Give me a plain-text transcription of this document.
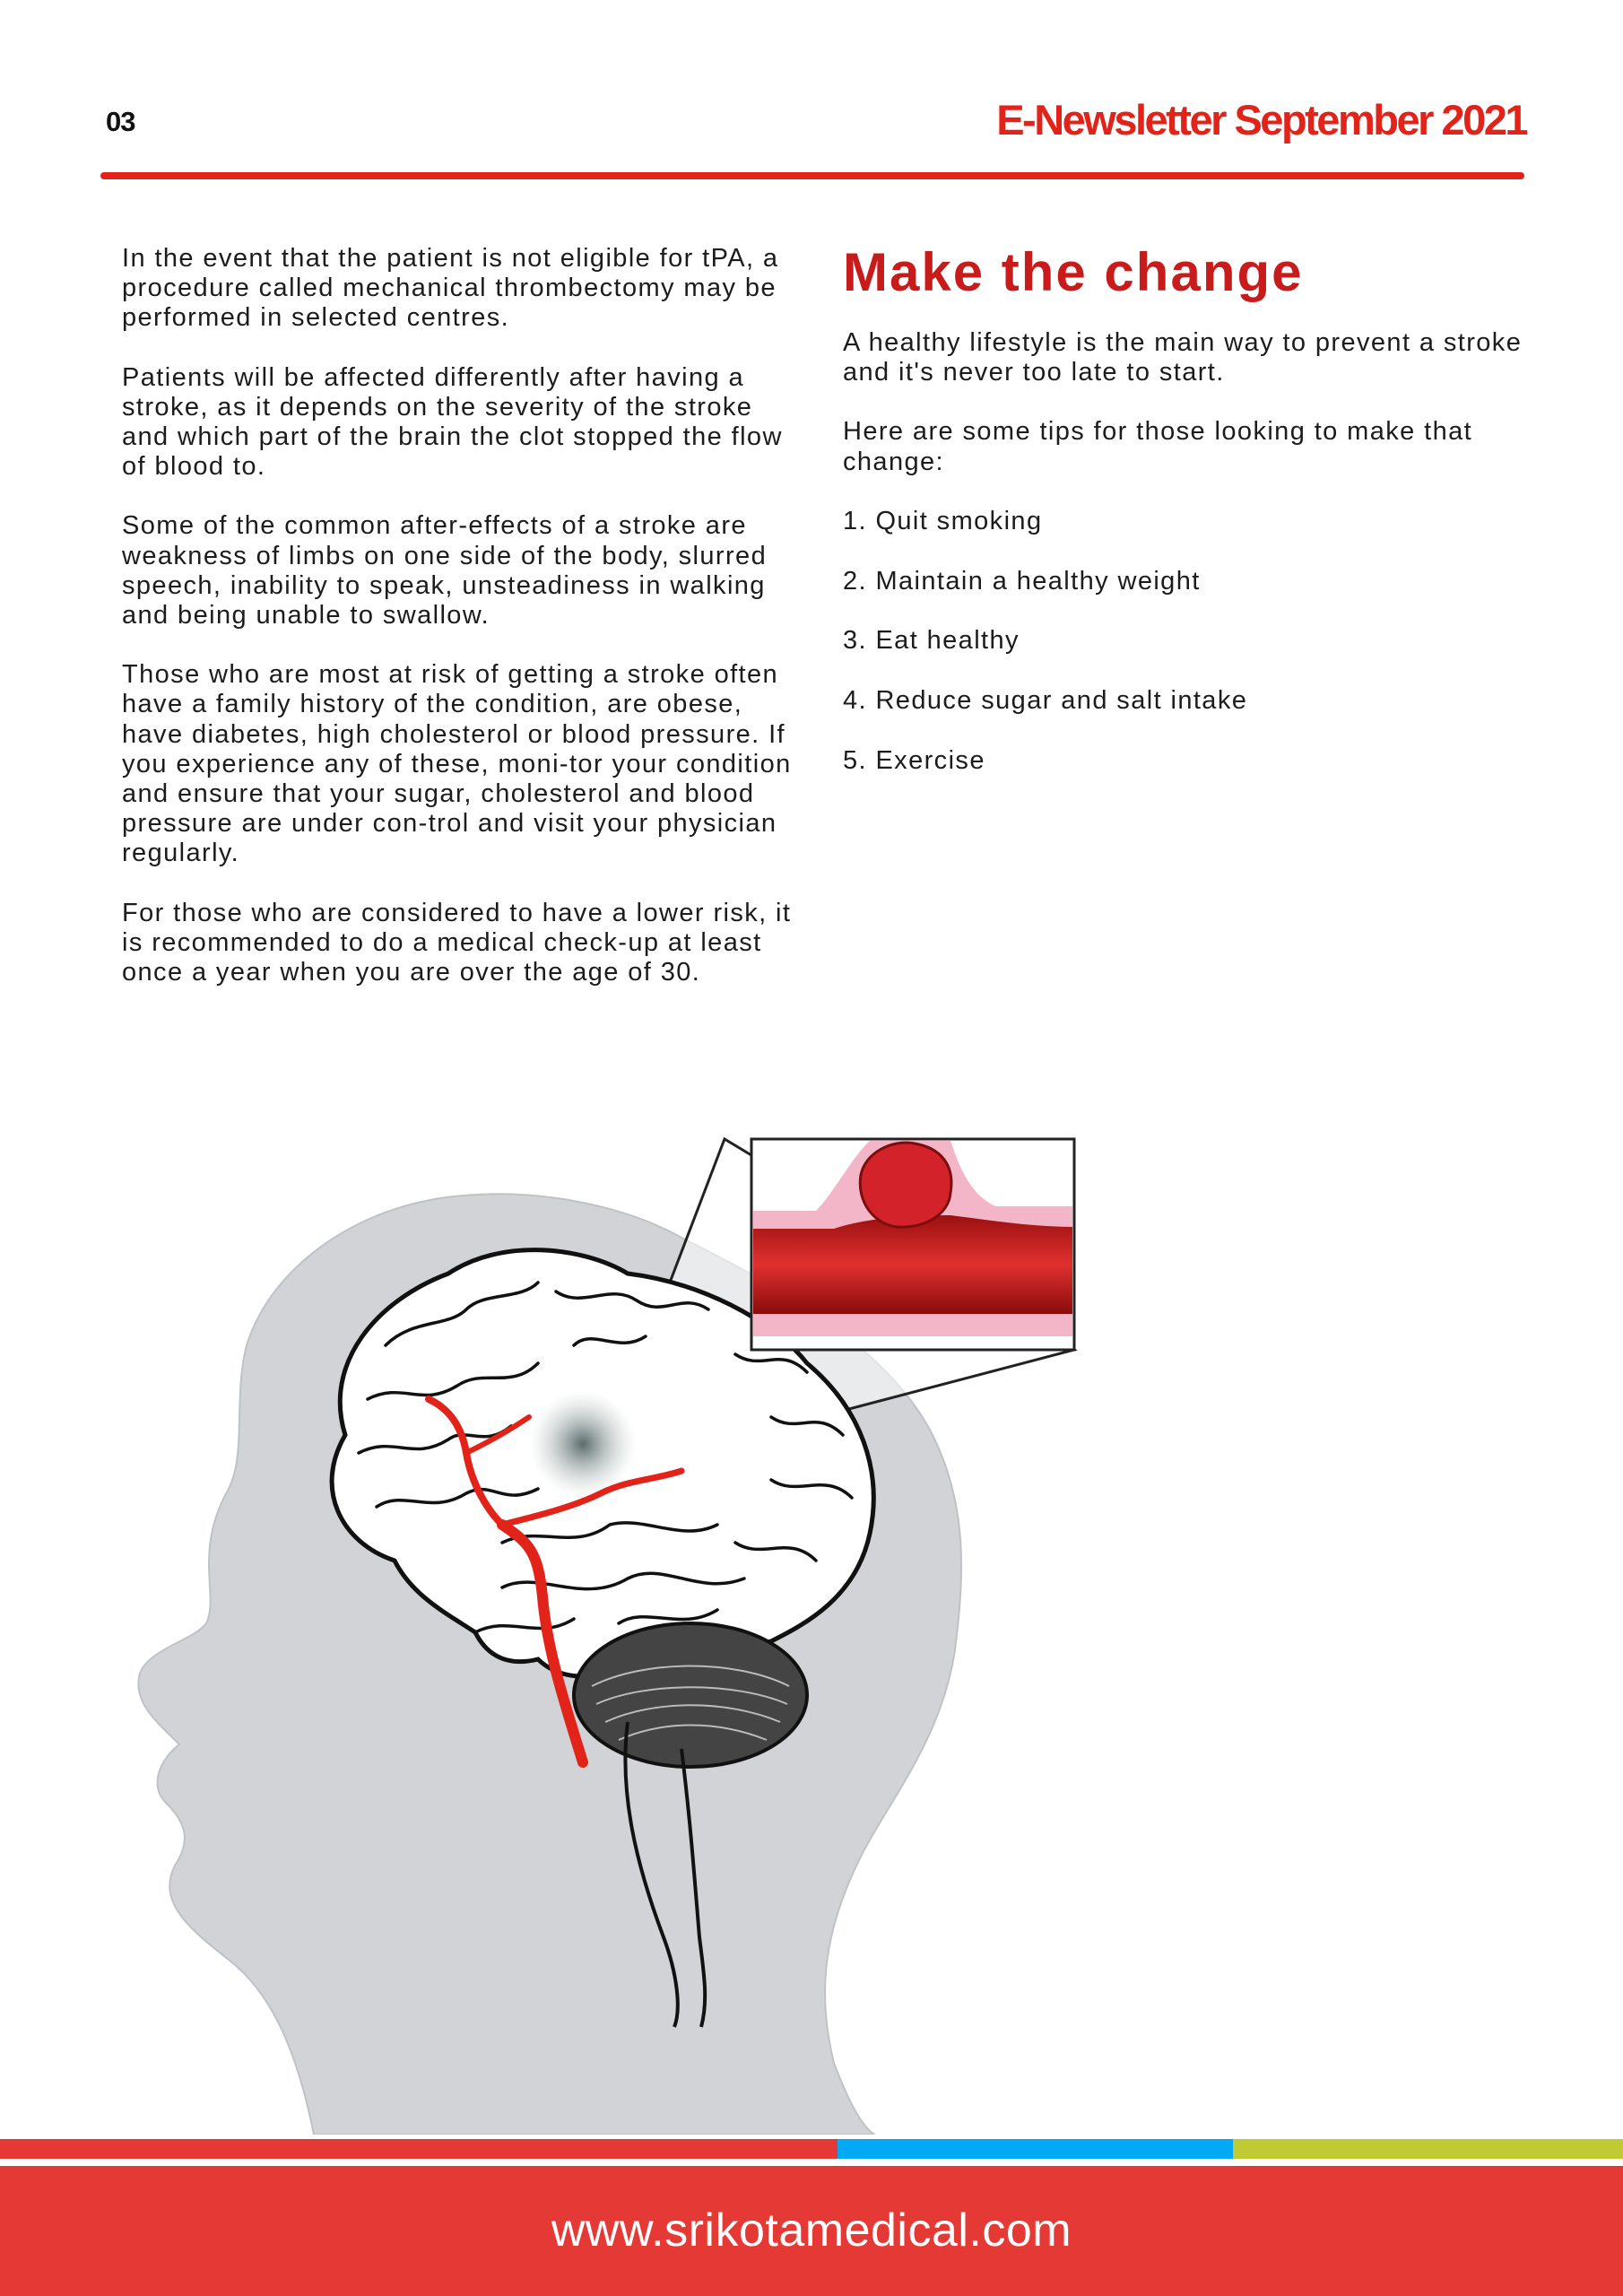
03	E-Newsletter September 2021

In the event that the patient is not eligible for tPA, a procedure called mechanical thrombectomy may be performed in selected centres.

Patients will be affected differently after having a stroke, as it depends on the severity of the stroke and which part of the brain the clot stopped the flow of blood to.

Some of the common after-effects of a stroke are weakness of limbs on one side of the body, slurred speech, inability to speak, unsteadiness in walking and being unable to swallow.

Those who are most at risk of getting a stroke often have a family history of the condition, are obese, have diabetes, high cholesterol or blood pressure. If you experience any of these, moni-tor your condition and ensure that your sugar, cholesterol and blood pressure are under con-trol and visit your physician regularly.

For those who are considered to have a lower risk, it is recommended to do a medical check-up at least once a year when you are over the age of 30.

Make the change

A healthy lifestyle is the main way to prevent a stroke and it's never too late to start.

Here are some tips for those looking to make that change:

1. Quit smoking
2. Maintain a healthy weight
3. Eat healthy
4. Reduce sugar and salt intake
5. Exercise
www.srikotamedical.com
